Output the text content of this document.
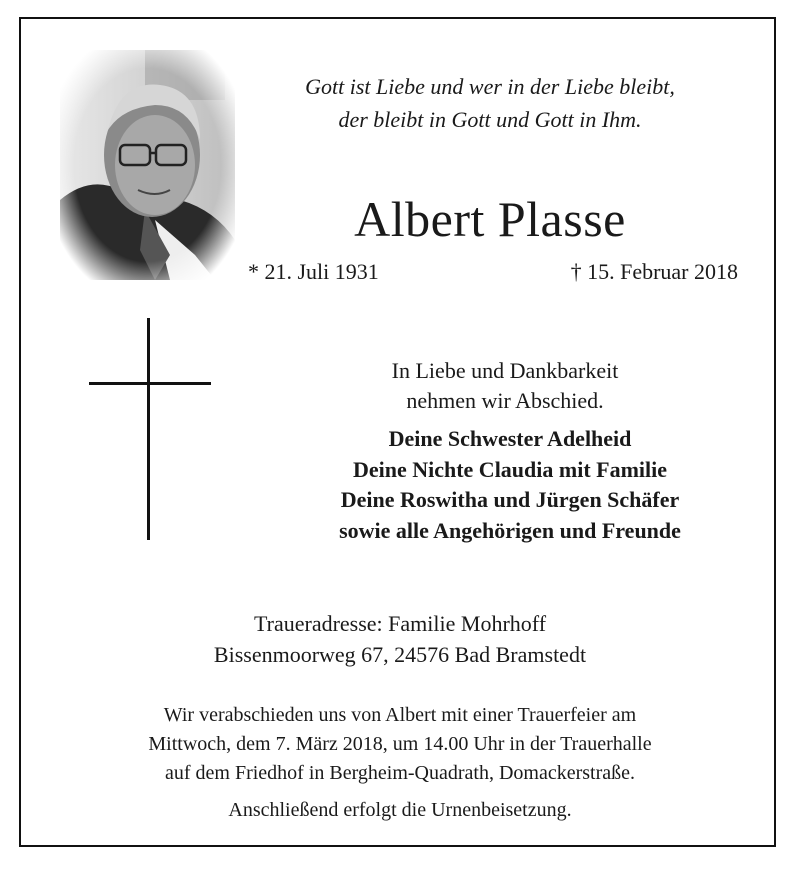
Gott ist Liebe und wer in der Liebe bleibt,
der bleibt in Gott und Gott in Ihm.
Albert Plasse
* 21. Juli 1931	† 15. Februar 2018
In Liebe und Dankbarkeit
nehmen wir Abschied.
Deine Schwester Adelheid
Deine Nichte Claudia mit Familie
Deine Roswitha und Jürgen Schäfer
sowie alle Angehörigen und Freunde
Traueradresse: Familie Mohrhoff
Bissenmoorweg 67, 24576 Bad Bramstedt
Wir verabschieden uns von Albert mit einer Trauerfeier am
Mittwoch, dem 7. März 2018, um 14.00 Uhr in der Trauerhalle
auf dem Friedhof in Bergheim-Quadrath, Domackerstraße.
Anschließend erfolgt die Urnenbeisetzung.
